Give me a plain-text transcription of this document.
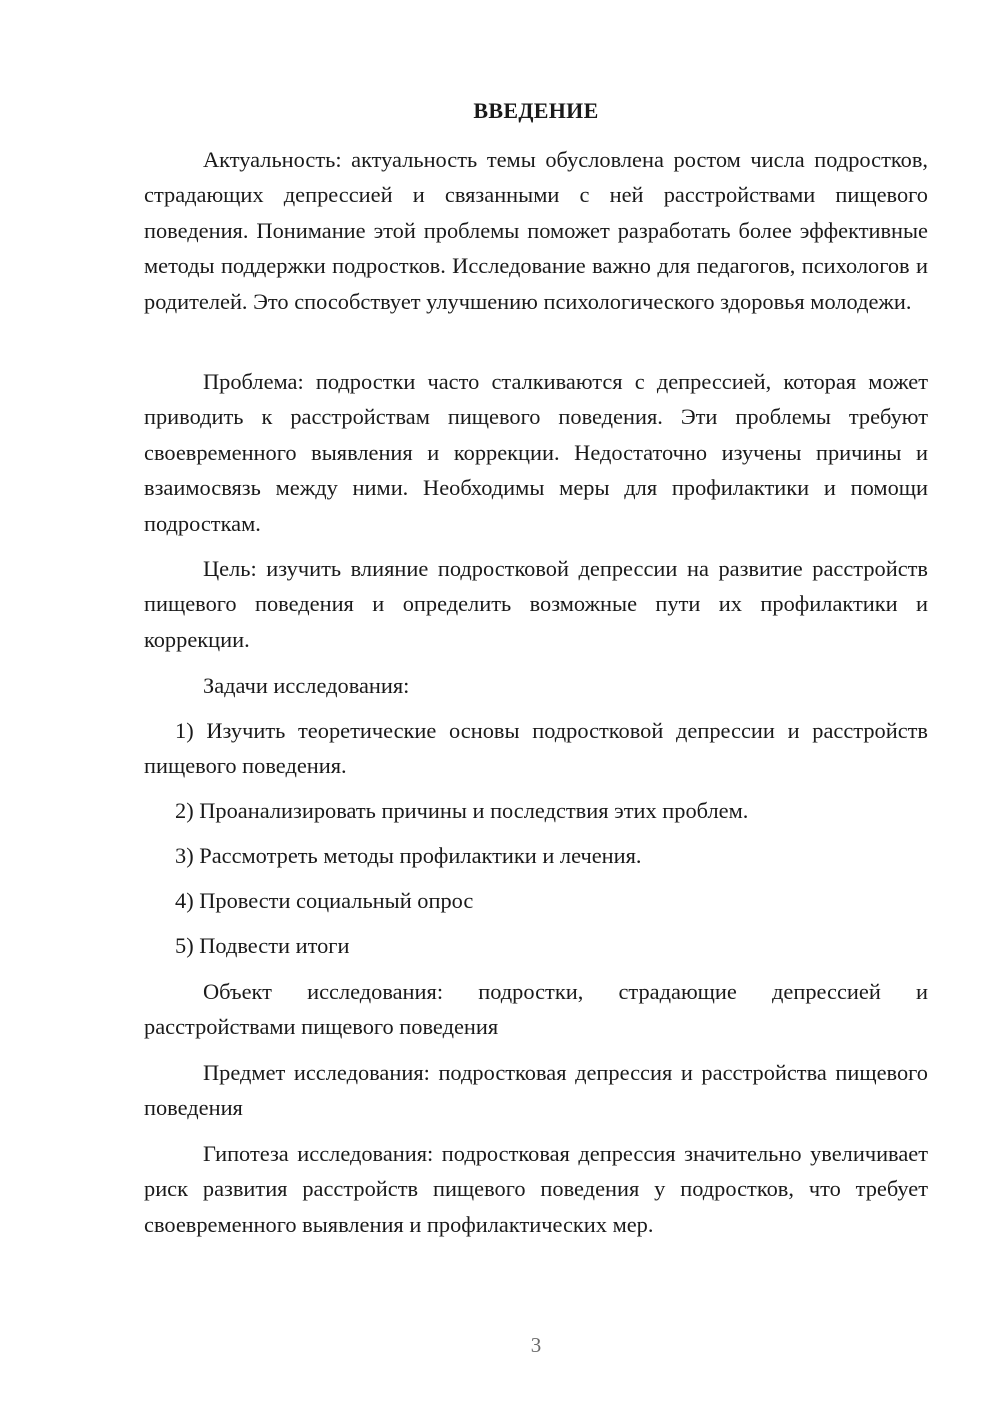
ВВЕДЕНИЕ

Актуальность: актуальность темы обусловлена ростом числа подростков, страдающих депрессией и связанными с ней расстройствами пищевого поведения. Понимание этой проблемы поможет разработать более эффективные методы поддержки подростков. Исследование важно для педагогов, психологов и родителей. Это способствует улучшению психологического здоровья молодежи.

Проблема: подростки часто сталкиваются с депрессией, которая может приводить к расстройствам пищевого поведения. Эти проблемы требуют своевременного выявления и коррекции. Недостаточно изучены причины и взаимосвязь между ними. Необходимы меры для профилактики и помощи подросткам.

Цель: изучить влияние подростковой депрессии на развитие расстройств пищевого поведения и определить возможные пути их профилактики и коррекции.

Задачи исследования:

1) Изучить теоретические основы подростковой депрессии и расстройств пищевого поведения.

2) Проанализировать причины и последствия этих проблем.

3) Рассмотреть методы профилактики и лечения.

4) Провести социальный опрос

5) Подвести итоги

Объект исследования: подростки, страдающие депрессией и расстройствами пищевого поведения

Предмет исследования: подростковая депрессия и расстройства пищевого поведения

Гипотеза исследования: подростковая депрессия значительно увеличивает риск развития расстройств пищевого поведения у подростков, что требует своевременного выявления и профилактических мер.

3
